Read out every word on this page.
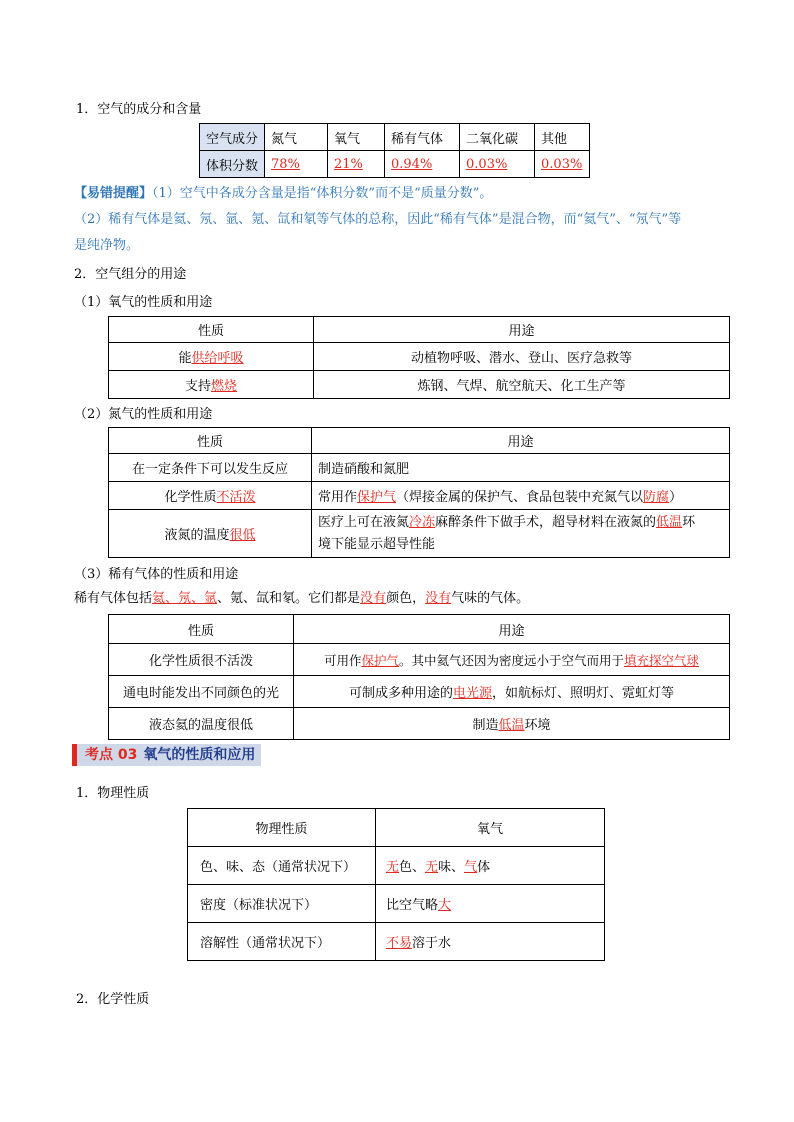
1．空气的成分和含量
空气成分	氮气	氧气	稀有气体	二氧化碳	其他
体积分数	78%	21%	0.94%	0.03%	0.03%
【易错提醒】（1）空气中各成分含量是指“体积分数”而不是“质量分数”。
（2）稀有气体是氦、氖、氩、氪、氙和氡等气体的总称，因此“稀有气体”是混合物，而“氦气”、“氖气”等
是纯净物。
2．空气组分的用途
（1）氧气的性质和用途
性质	用途
能供给呼吸	动植物呼吸、潜水、登山、医疗急救等
支持燃烧	炼钢、气焊、航空航天、化工生产等
（2）氮气的性质和用途
性质	用途
在一定条件下可以发生反应	制造硝酸和氮肥
化学性质不活泼	常用作保护气（焊接金属的保护气、食品包装中充氮气以防腐）
液氮的温度很低	医疗上可在液氮冷冻麻醉条件下做手术，超导材料在液氮的低温环
境下能显示超导性能
（3）稀有气体的性质和用途
稀有气体包括氦、氖、氩、氪、氙和氡。它们都是没有颜色，没有气味的气体。
性质	用途
化学性质很不活泼	可用作保护气。其中氦气还因为密度远小于空气而用于填充探空气球
通电时能发出不同颜色的光	可制成多种用途的电光源，如航标灯、照明灯、霓虹灯等
液态氦的温度很低	制造低温环境
考点 03 氧气的性质和应用
1．物理性质
物理性质	氧气
色、味、态（通常状况下）	无色、无味、气体
密度（标准状况下）	比空气略大
溶解性（通常状况下）	不易溶于水
2．化学性质
